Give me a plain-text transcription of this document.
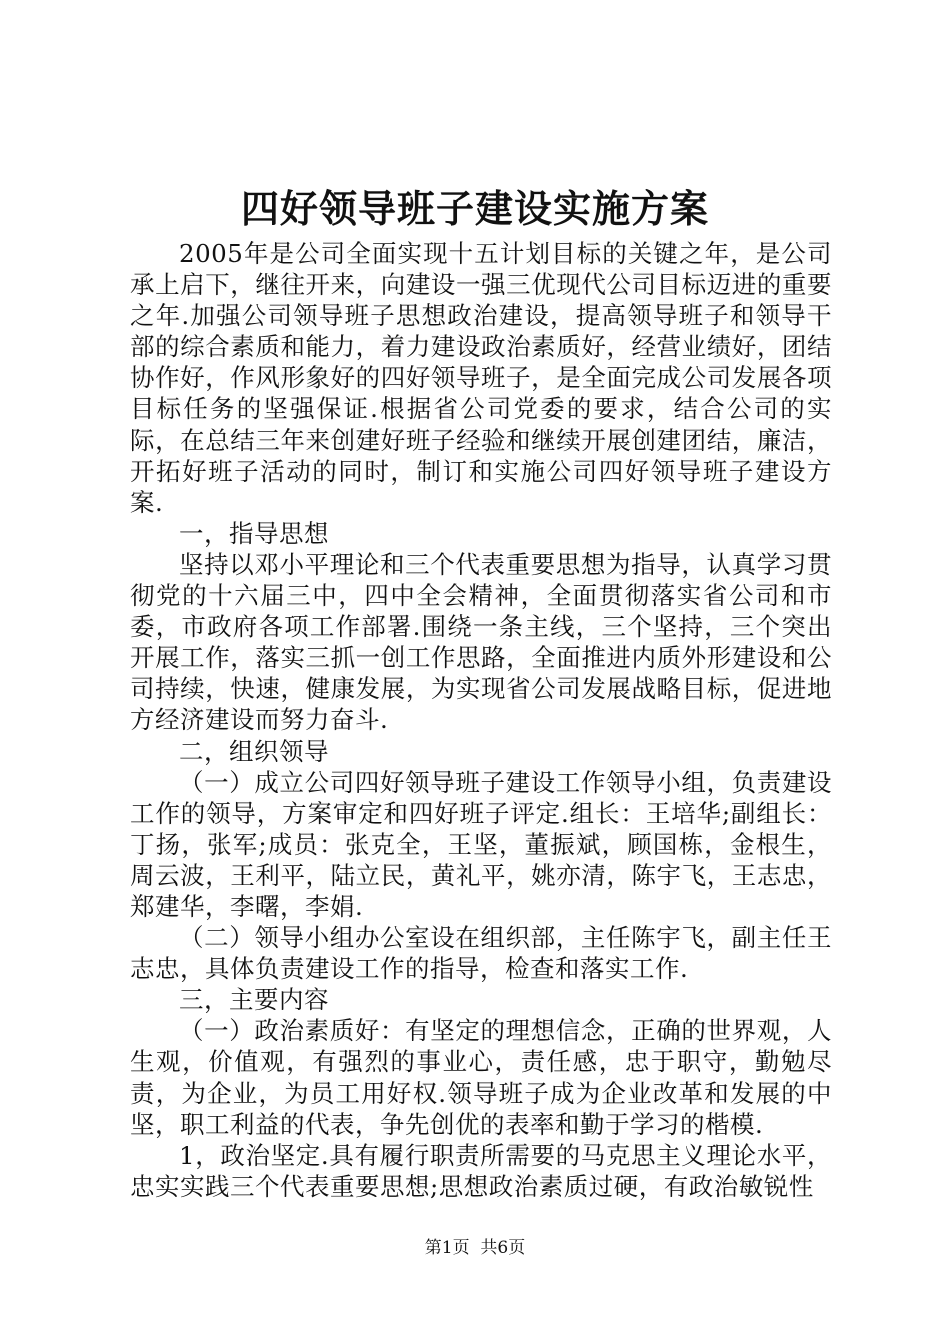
四好领导班子建设实施方案

2005年是公司全面实现十五计划目标的关键之年，是公司承上启下，继往开来，向建设一强三优现代公司目标迈进的重要之年.加强公司领导班子思想政治建设，提高领导班子和领导干部的综合素质和能力，着力建设政治素质好，经营业绩好，团结协作好，作风形象好的四好领导班子，是全面完成公司发展各项目标任务的坚强保证.根据省公司党委的要求，结合公司的实际，在总结三年来创建好班子经验和继续开展创建团结，廉洁，开拓好班子活动的同时，制订和实施公司四好领导班子建设方案.

一，指导思想

坚持以邓小平理论和三个代表重要思想为指导，认真学习贯彻党的十六届三中，四中全会精神，全面贯彻落实省公司和市委，市政府各项工作部署.围绕一条主线，三个坚持，三个突出开展工作，落实三抓一创工作思路，全面推进内质外形建设和公司持续，快速，健康发展，为实现省公司发展战略目标，促进地方经济建设而努力奋斗.

二，组织领导

（一）成立公司四好领导班子建设工作领导小组，负责建设工作的领导，方案审定和四好班子评定.组长：王培华;副组长：丁扬，张军;成员：张克全，王坚，董振斌，顾国栋，金根生，周云波，王利平，陆立民，黄礼平，姚亦清，陈宇飞，王志忠，郑建华，李曙，李娟.

（二）领导小组办公室设在组织部，主任陈宇飞，副主任王志忠，具体负责建设工作的指导，检查和落实工作.

三，主要内容

（一）政治素质好：有坚定的理想信念，正确的世界观，人生观，价值观，有强烈的事业心，责任感，忠于职守，勤勉尽责，为企业，为员工用好权.领导班子成为企业改革和发展的中坚，职工利益的代表，争先创优的表率和勤于学习的楷模.

1，政治坚定.具有履行职责所需要的马克思主义理论水平，忠实实践三个代表重要思想;思想政治素质过硬，有政治敏锐性

第1页 共6页
